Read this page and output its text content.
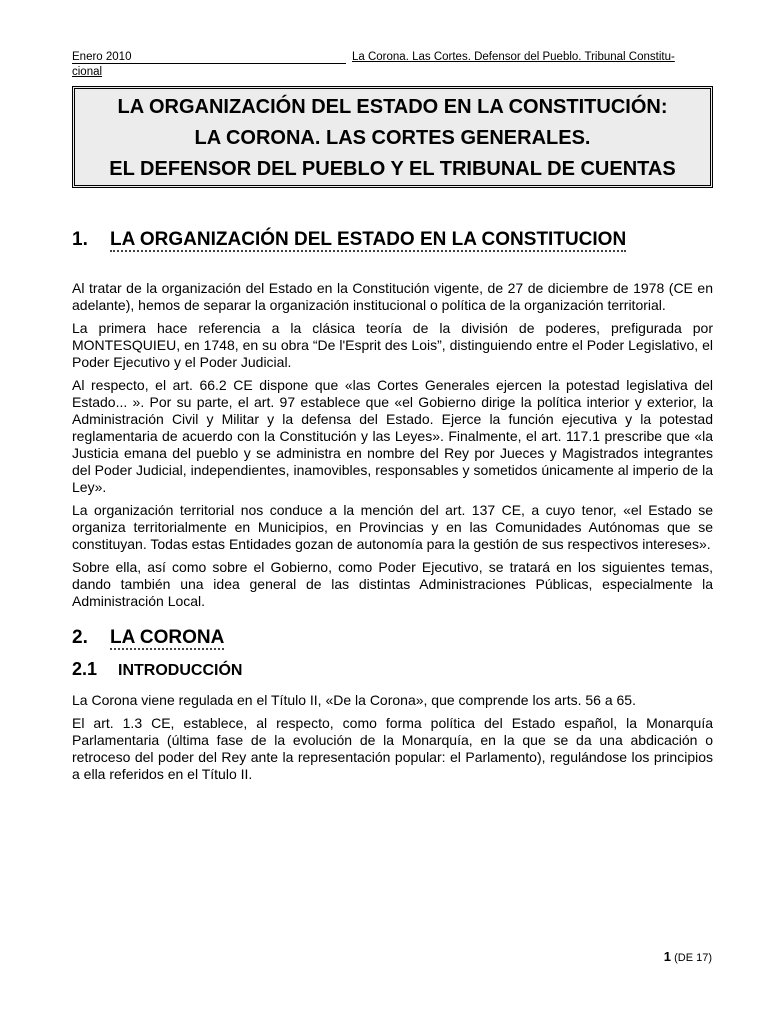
Enero 2010	La Corona. Las Cortes. Defensor del Pueblo. Tribunal Constitu-
cional

LA ORGANIZACIÓN DEL ESTADO EN LA CONSTITUCIÓN:

LA CORONA. LAS CORTES GENERALES.

EL DEFENSOR DEL PUEBLO Y EL TRIBUNAL DE CUENTAS

1. LA ORGANIZACIÓN DEL ESTADO EN LA CONSTITUCION

Al tratar de la organización del Estado en la Constitución vigente, de 27 de diciembre de 1978 (CE en adelante), hemos de separar la organización institucional o política de la organización territorial.

La primera hace referencia a la clásica teoría de la división de poderes, prefigurada por MONTESQUIEU, en 1748, en su obra “De l'Esprit des Lois”, distinguiendo entre el Poder Legislativo, el Poder Ejecutivo y el Poder Judicial.

Al respecto, el art. 66.2 CE dispone que «las Cortes Generales ejercen la potestad legislativa del Estado... ». Por su parte, el art. 97 establece que «el Gobierno dirige la política interior y exterior, la Administración Civil y Militar y la defensa del Estado. Ejerce la función ejecutiva y la potestad reglamentaria de acuerdo con la Constitución y las Leyes». Finalmente, el art. 117.1 prescribe que «la Justicia emana del pueblo y se administra en nombre del Rey por Jueces y Magistrados integrantes del Poder Judicial, independientes, inamovibles, responsables y sometidos únicamente al imperio de la Ley».

La organización territorial nos conduce a la mención del art. 137 CE, a cuyo tenor, «el Estado se organiza territorialmente en Municipios, en Provincias y en las Comunidades Autónomas que se constituyan. Todas estas Entidades gozan de autonomía para la gestión de sus respectivos intereses».

Sobre ella, así como sobre el Gobierno, como Poder Ejecutivo, se tratará en los siguientes temas, dando también una idea general de las distintas Administraciones Públicas, especialmente la Administración Local.

2. LA CORONA
2.1 INTRODUCCIÓN

La Corona viene regulada en el Título II, «De la Corona», que comprende los arts. 56 a 65.

El art. 1.3 CE, establece, al respecto, como forma política del Estado español, la Monarquía Parlamentaria (última fase de la evolución de la Monarquía, en la que se da una abdicación o retroceso del poder del Rey ante la representación popular: el Parlamento), regulándose los principios a ella referidos en el Título II.

1 (DE 17)
